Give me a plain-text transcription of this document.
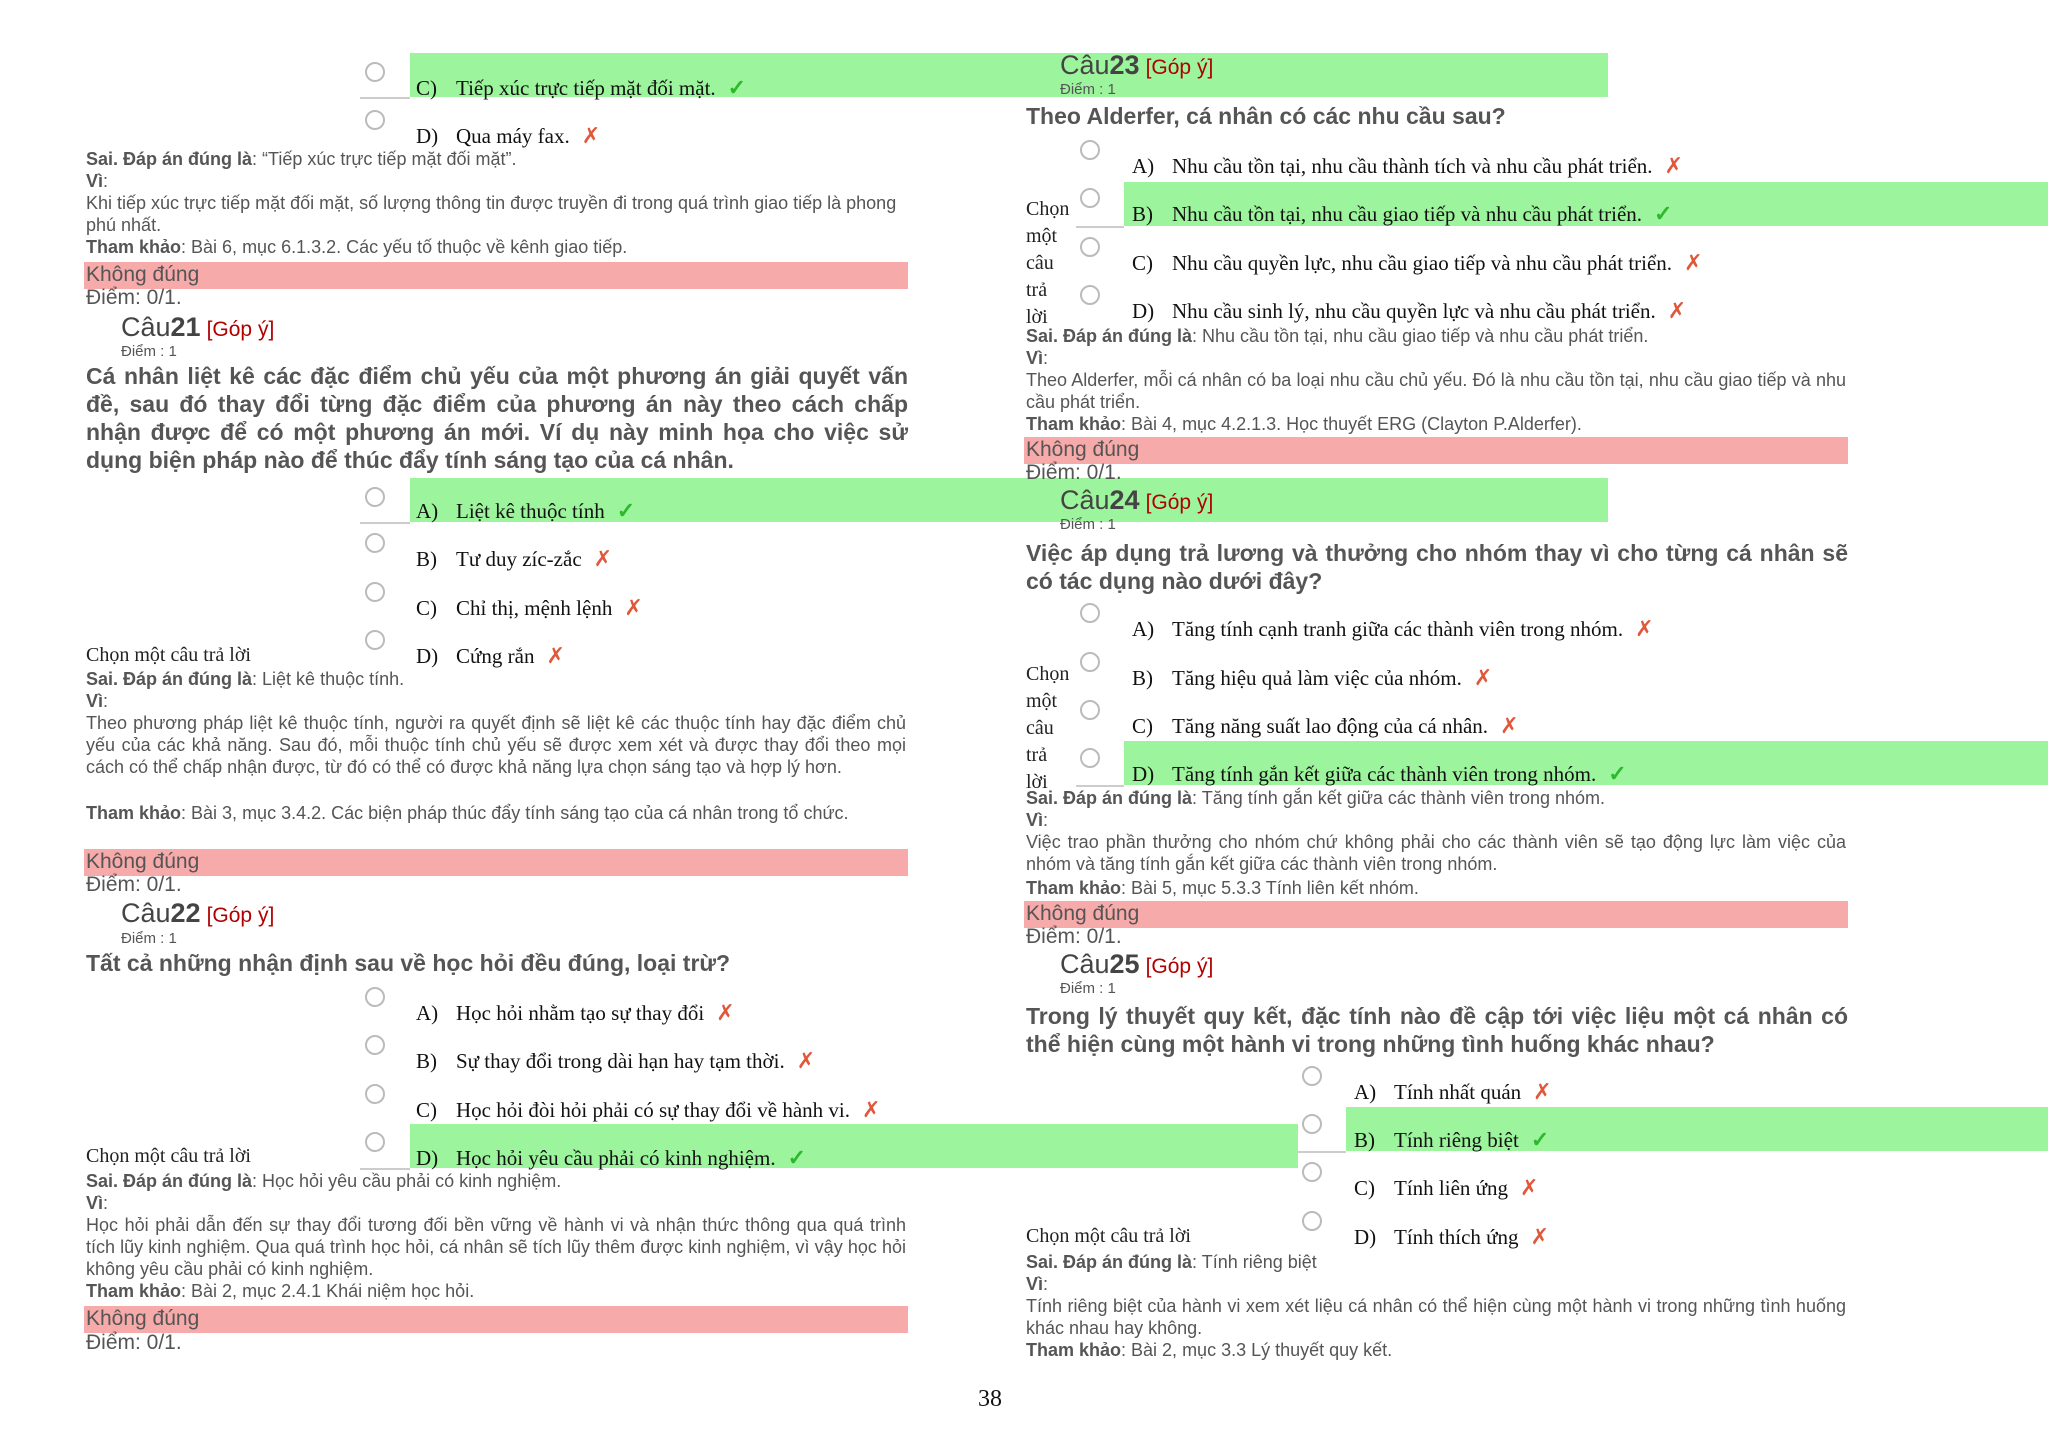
C) Tiếp xúc trực tiếp mặt đối mặt. ✓
D) Qua máy fax. ✗
Sai. Đáp án đúng là: “Tiếp xúc trực tiếp mặt đối mặt”.
Vì:
Khi tiếp xúc trực tiếp mặt đối mặt, số lượng thông tin được truyền đi trong quá trình giao tiếp là phong phú nhất.
Tham khảo: Bài 6, mục 6.1.3.2. Các yếu tố thuộc về kênh giao tiếp.
Không đúng
Điểm: 0/1.
Câu21 [Góp ý]
Điểm : 1
Cá nhân liệt kê các đặc điểm chủ yếu của một phương án giải quyết vấn đề, sau đó thay đổi từng đặc điểm của phương án này theo cách chấp nhận được để có một phương án mới. Ví dụ này minh họa cho việc sử dụng biện pháp nào để thúc đẩy tính sáng tạo của cá nhân.
A) Liệt kê thuộc tính ✓
B) Tư duy zíc-zắc ✗
C) Chỉ thị, mệnh lệnh ✗
Chọn một câu trả lời	D) Cứng rắn ✗
Sai. Đáp án đúng là: Liệt kê thuộc tính.
Vì:
Theo phương pháp liệt kê thuộc tính, người ra quyết định sẽ liệt kê các thuộc tính hay đặc điểm chủ yếu của các khả năng. Sau đó, mỗi thuộc tính chủ yếu sẽ được xem xét và được thay đổi theo mọi cách có thể chấp nhận được, từ đó có thể có được khả năng lựa chọn sáng tạo và hợp lý hơn.
Tham khảo: Bài 3, mục 3.4.2. Các biện pháp thúc đẩy tính sáng tạo của cá nhân trong tổ chức.
Không đúng
Điểm: 0/1.
Câu22 [Góp ý]
Điểm : 1
Tất cả những nhận định sau về học hỏi đều đúng, loại trừ?
A) Học hỏi nhằm tạo sự thay đổi ✗
B) Sự thay đổi trong dài hạn hay tạm thời. ✗
C) Học hỏi đòi hỏi phải có sự thay đổi về hành vi. ✗
Chọn một câu trả lời	D) Học hỏi yêu cầu phải có kinh nghiệm. ✓
Sai. Đáp án đúng là: Học hỏi yêu cầu phải có kinh nghiệm.
Vì:
Học hỏi phải dẫn đến sự thay đổi tương đối bền vững về hành vi và nhận thức thông qua quá trình tích lũy kinh nghiệm. Qua quá trình học hỏi, cá nhân sẽ tích lũy thêm được kinh nghiệm, vì vậy học hỏi không yêu cầu phải có kinh nghiệm.
Tham khảo: Bài 2, mục 2.4.1 Khái niệm học hỏi.
Không đúng
Điểm: 0/1.
Câu23 [Góp ý]
Điểm : 1
Theo Alderfer, cá nhân có các nhu cầu sau?
Chọn
một
câu
trả
lời
A) Nhu cầu tồn tại, nhu cầu thành tích và nhu cầu phát triển. ✗
B) Nhu cầu tồn tại, nhu cầu giao tiếp và nhu cầu phát triển. ✓
C) Nhu cầu quyền lực, nhu cầu giao tiếp và nhu cầu phát triển. ✗
D) Nhu cầu sinh lý, nhu cầu quyền lực và nhu cầu phát triển. ✗
Sai. Đáp án đúng là: Nhu cầu tồn tại, nhu cầu giao tiếp và nhu cầu phát triển.
Vì:
Theo Alderfer, mỗi cá nhân có ba loại nhu cầu chủ yếu. Đó là nhu cầu tồn tại, nhu cầu giao tiếp và nhu cầu phát triển.
Tham khảo: Bài 4, mục 4.2.1.3. Học thuyết ERG (Clayton P.Alderfer).
Không đúng
Điểm: 0/1.
Câu24 [Góp ý]
Điểm : 1
Việc áp dụng trả lương và thưởng cho nhóm thay vì cho từng cá nhân sẽ có tác dụng nào dưới đây?
Chọn
một
câu
trả
lời
A) Tăng tính cạnh tranh giữa các thành viên trong nhóm. ✗
B) Tăng hiệu quả làm việc của nhóm. ✗
C) Tăng năng suất lao động của cá nhân. ✗
D) Tăng tính gắn kết giữa các thành viên trong nhóm. ✓
Sai. Đáp án đúng là: Tăng tính gắn kết giữa các thành viên trong nhóm.
Vì:
Việc trao phần thưởng cho nhóm chứ không phải cho các thành viên sẽ tạo động lực làm việc của nhóm và tăng tính gắn kết giữa các thành viên trong nhóm.
Tham khảo: Bài 5, mục 5.3.3 Tính liên kết nhóm.
Không đúng
Điểm: 0/1.
Câu25 [Góp ý]
Điểm : 1
Trong lý thuyết quy kết, đặc tính nào đề cập tới việc liệu một cá nhân có thể hiện cùng một hành vi trong những tình huống khác nhau?
A) Tính nhất quán ✗
B) Tính riêng biệt ✓
C) Tính liên ứng ✗
Chọn một câu trả lời	D) Tính thích ứng ✗
Sai. Đáp án đúng là: Tính riêng biệt
Vì:
Tính riêng biệt của hành vi xem xét liệu cá nhân có thể hiện cùng một hành vi trong những tình huống khác nhau hay không.
Tham khảo: Bài 2, mục 3.3 Lý thuyết quy kết.
38
